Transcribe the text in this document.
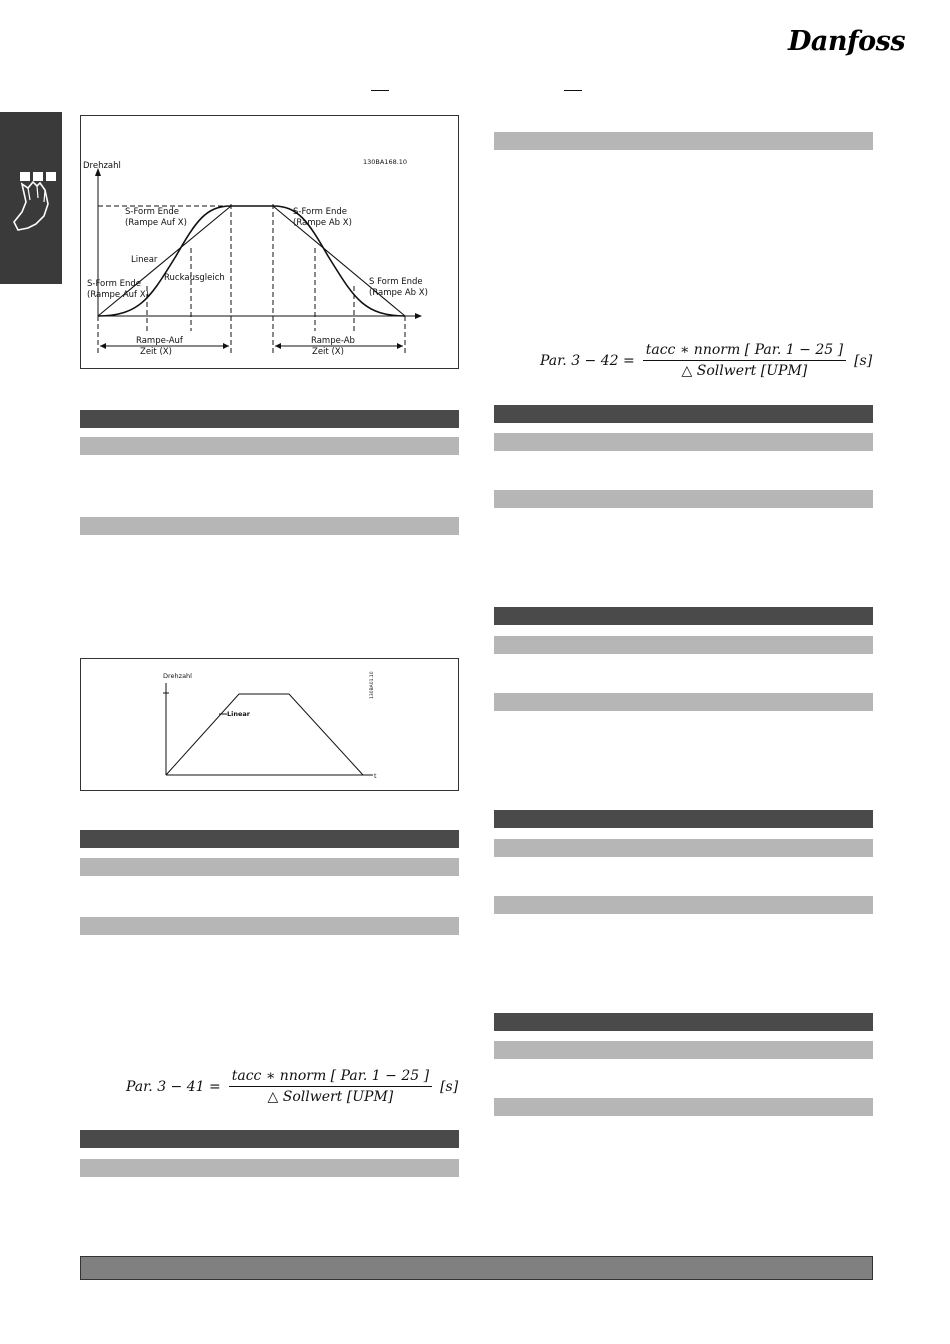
Danfoss
Drehzahl	130BA168.10
S-Form Ende
(Rampe Auf X)
S-Form Ende
(Rampe Ab X)
Linear
Ruckausgleich
S-Form Ende
(Rampe Auf X)
S Form Ende
(Rampe Ab X)
Rampe-Auf
Zeit (X)
Rampe-Ab
Zeit (X)
Drehzahl
Linear
t
130BA01.10
Par. $3 - 41 = \frac{\text{tacc ∗ nnorm [ Par. 1 − 25 ]}}{\text{△ Sollwert [UPM]}} [s]$
Par. $3 - 42 = \frac{\text{tacc ∗ nnorm [ Par. 1 − 25 ]}}{\text{△ Sollwert [UPM]}} [s]$
